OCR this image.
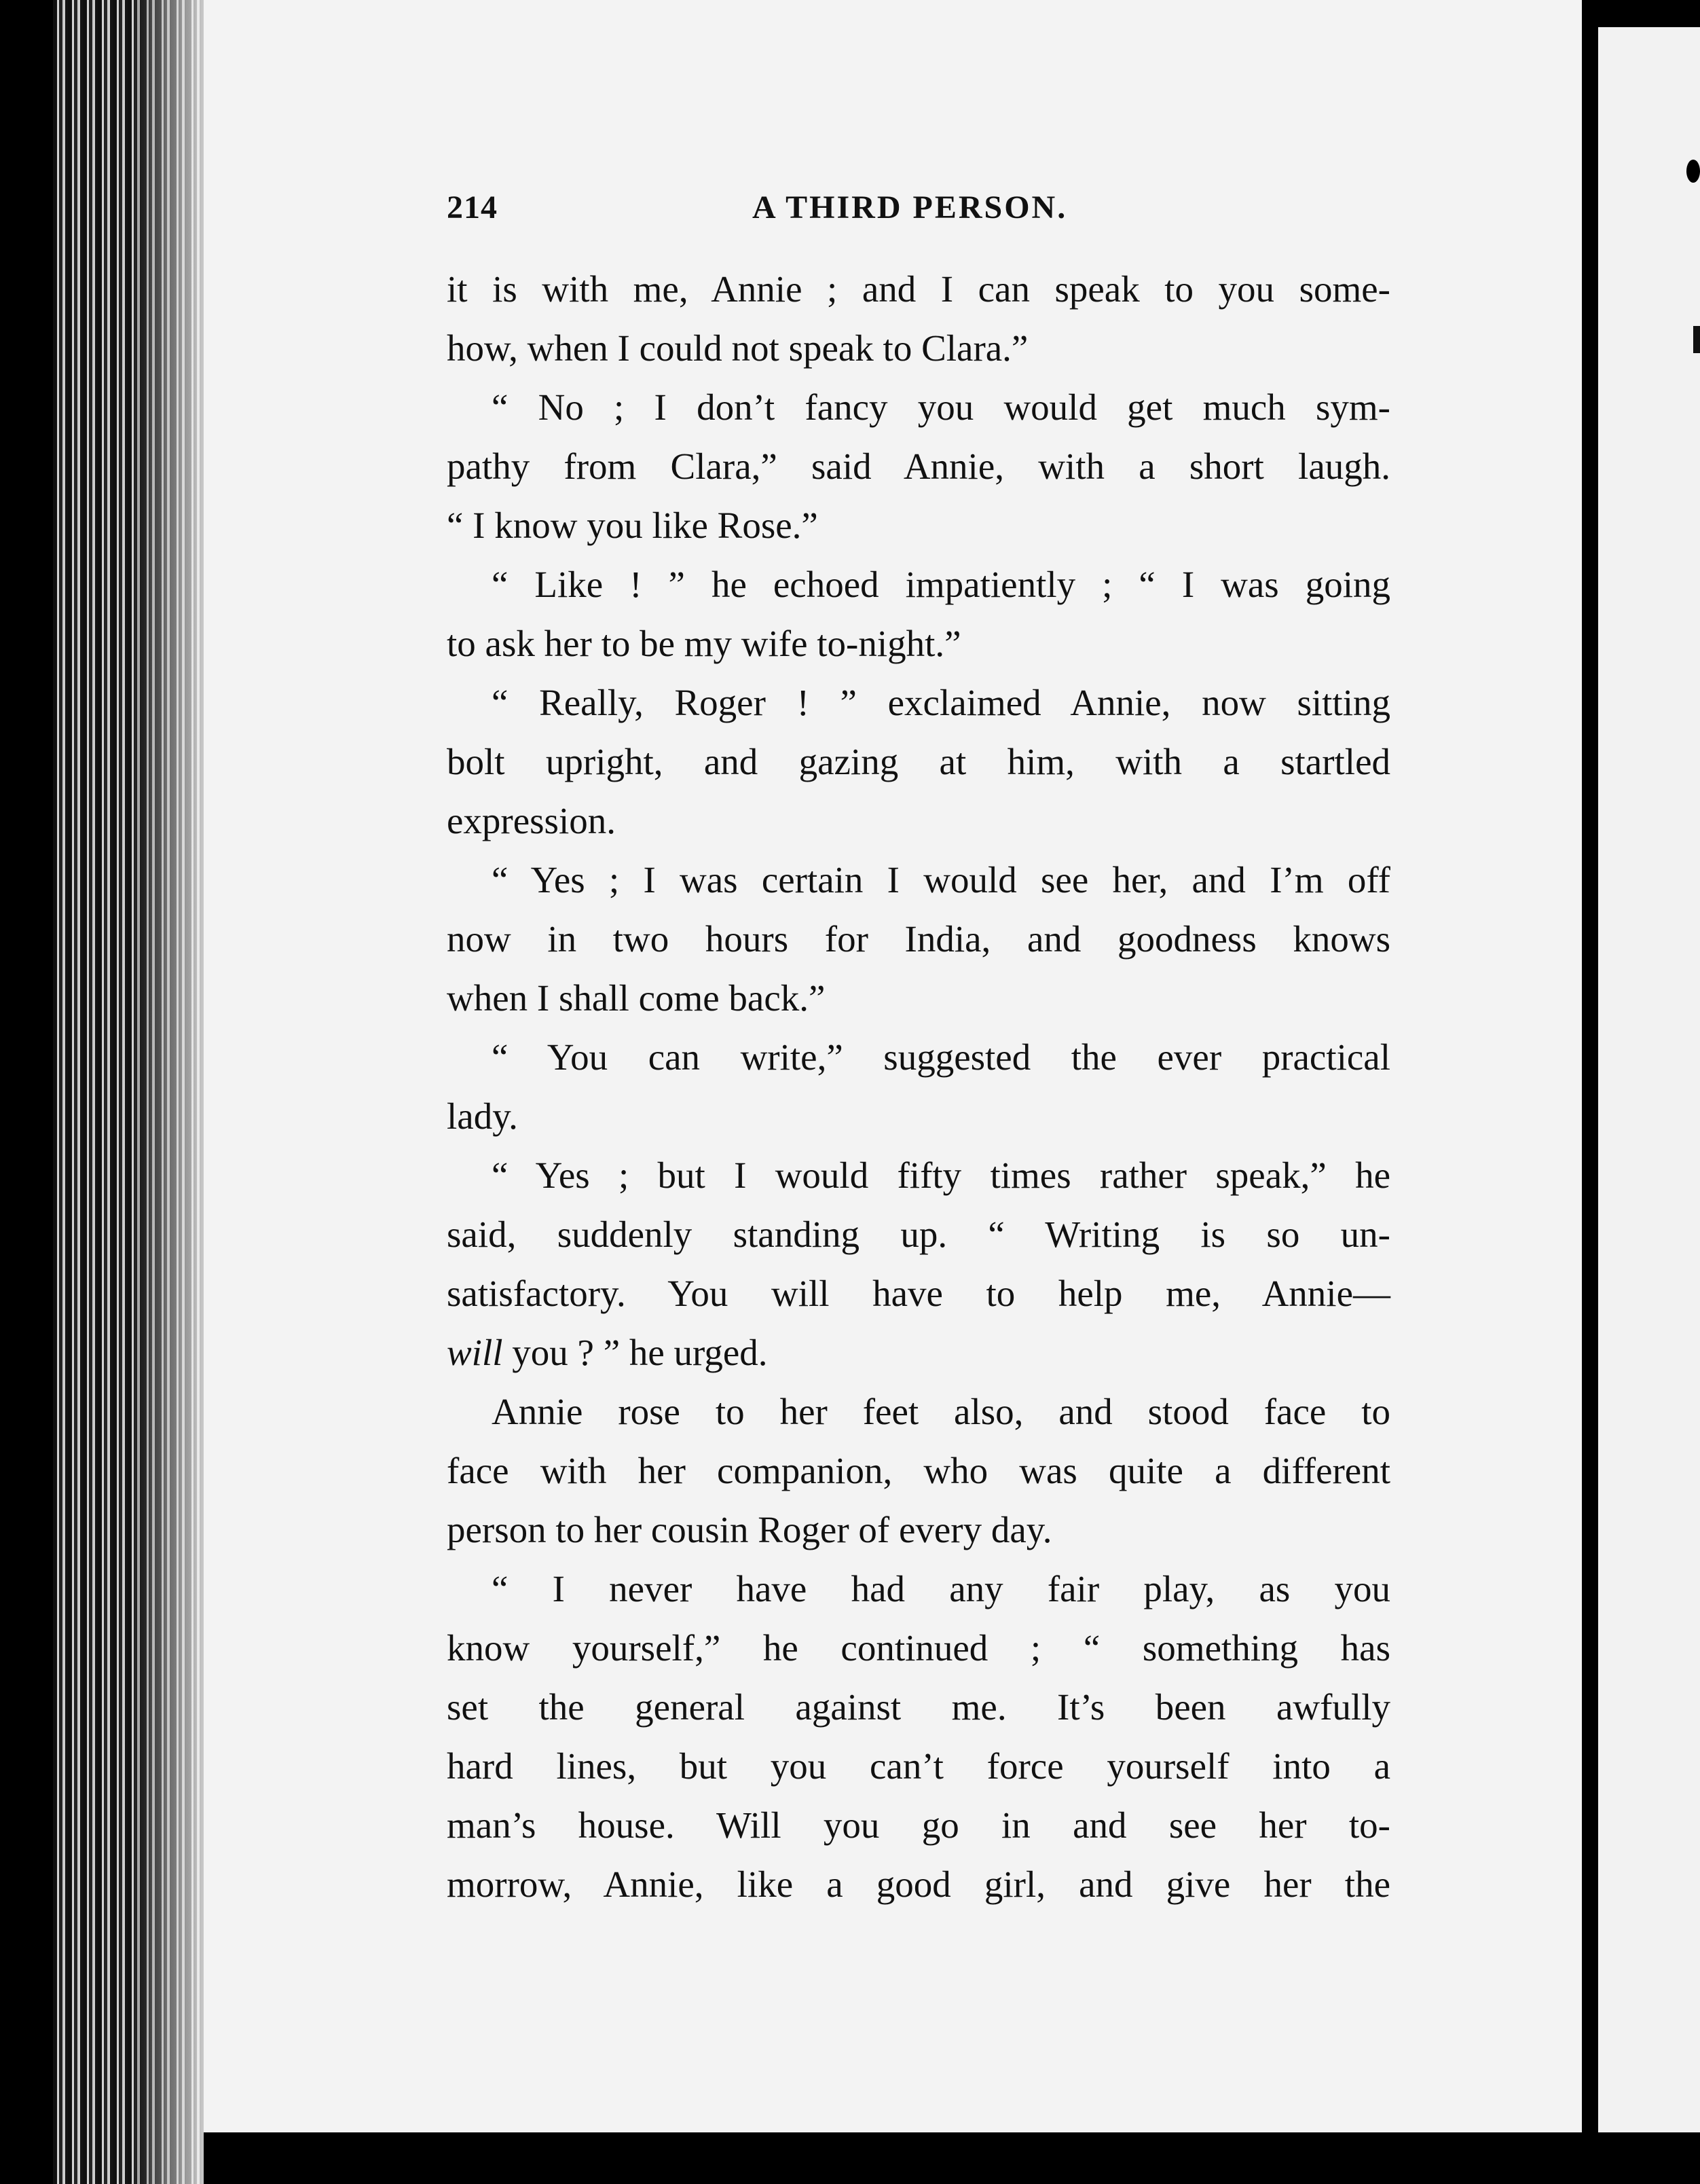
214	A THIRD PERSON.
it is with me, Annie ; and I can speak to you some-
how, when I could not speak to Clara.”
“ No ; I don’t fancy you would get much sym-
pathy from Clara,” said Annie, with a short laugh.
“ I know you like Rose.”
“ Like ! ” he echoed impatiently ; “ I was going
to ask her to be my wife to-night.”
“ Really, Roger ! ” exclaimed Annie, now sitting
bolt upright, and gazing at him, with a startled
expression.
“ Yes ; I was certain I would see her, and I’m off
now in two hours for India, and goodness knows
when I shall come back.”
“ You can write,” suggested the ever practical
lady.
“ Yes ; but I would fifty times rather speak,” he
said, suddenly standing up. “ Writing is so un-
satisfactory. You will have to help me, Annie—
will you ? ” he urged.
Annie rose to her feet also, and stood face to
face with her companion, who was quite a different
person to her cousin Roger of every day.
“ I never have had any fair play, as you
know yourself,” he continued ; “ something has
set the general against me. It’s been awfully
hard lines, but you can’t force yourself into a
man’s house. Will you go in and see her to-
morrow, Annie, like a good girl, and give her the
